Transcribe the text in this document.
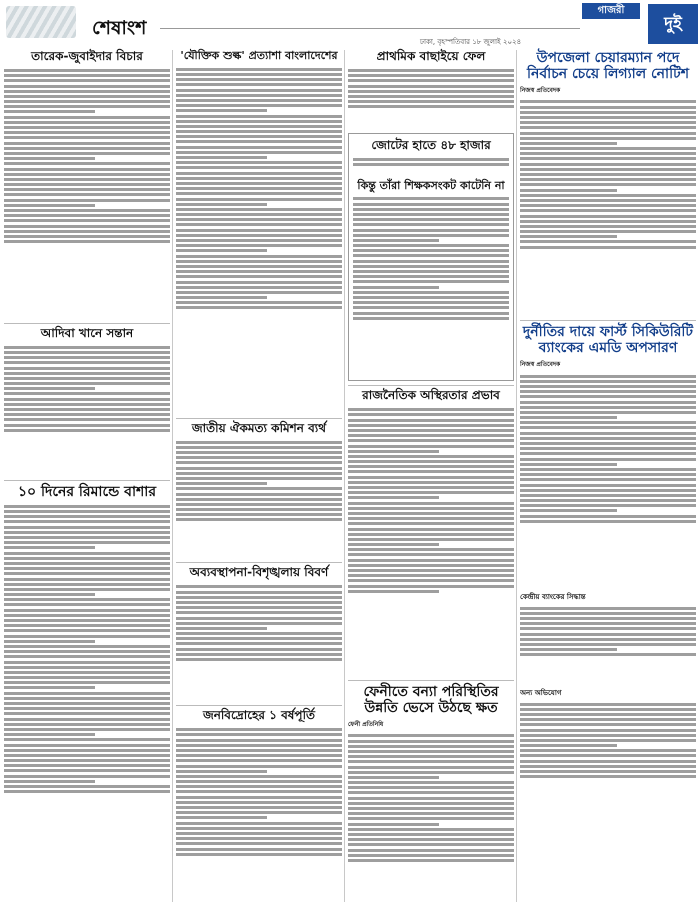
শেষাংশ
ঢাকা, বৃহস্পতিবার ১৮ জুলাই ২০২৪
গাজরী
দুই
তারেক-জুবাইদার বিচার
আদিবা খানে সন্তান
১০ দিনের রিমান্ডে বাশার
'যৌক্তিক শুল্ক' প্রত্যাশা বাংলাদেশের
জাতীয় ঐকমত্য কমিশন ব্যর্থ
অব্যবস্থাপনা-বিশৃঙ্খলায় বিবর্ণ
জনবিদ্রোহের ১ বর্ষপূর্তি
প্রাথমিক বাছাইয়ে ফেল
জোটের হাতে ৪৮ হাজার
কিন্তু তাঁরা শিক্ষকসংকট কাটেনি না
রাজনৈতিক অস্থিরতার প্রভাব
ফেনীতে বন্যা পরিস্থিতির উন্নতি ভেসে উঠছে ক্ষত
ফেনী প্রতিনিধি
উপজেলা চেয়ারম্যান পদে নির্বাচন চেয়ে লিগ্যাল নোটিশ
নিজস্ব প্রতিবেদক
দুর্নীতির দায়ে ফার্স্ট সিকিউরিটি ব্যাংকের এমডি অপসারণ
নিজস্ব প্রতিবেদক
কেন্দ্রীয় ব্যাংকের সিদ্ধান্ত
অন্য অভিযোগ
